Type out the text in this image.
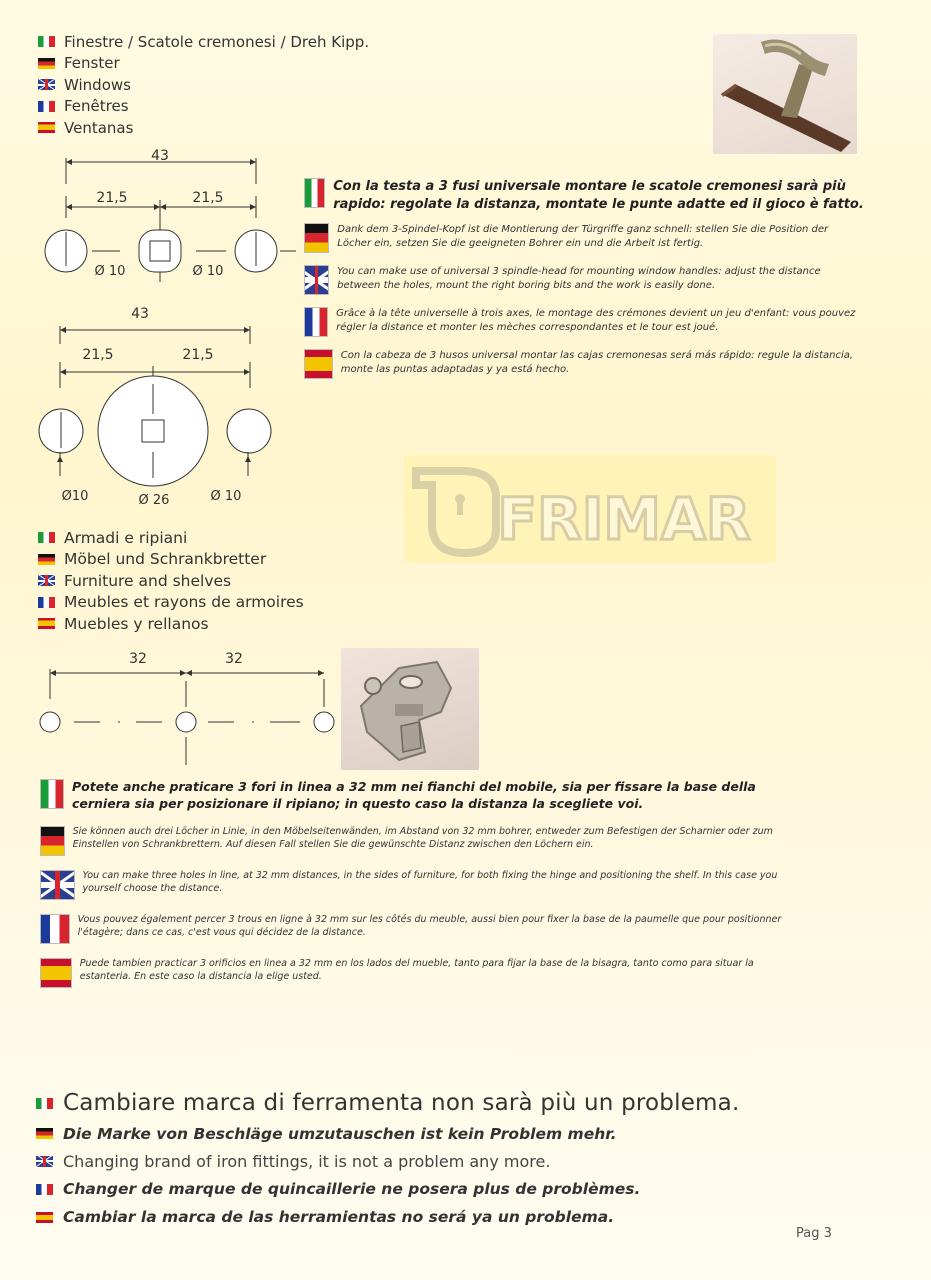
Finestre / Scatole cremonesi / Dreh Kipp.
Fenster
Windows
Fenêtres
Ventanas
43
21,5	21,5
Ø 10	Ø 10
43
21,5	21,5
Ø10	Ø 26	Ø 10
Con la testa a 3 fusi universale montare le scatole cremonesi sarà più rapido: regolate la distanza, montate le punte adatte ed il gioco è fatto.
Dank dem 3-Spindel-Kopf ist die Montierung der Türgriffe ganz schnell: stellen Sie die Position der Löcher ein, setzen Sie die geeigneten Bohrer ein und die Arbeit ist fertig.
You can make use of universal 3 spindle-head for mounting window handles: adjust the distance between the holes, mount the right boring bits and the work is easily done.
Grâce à la tête universelle à trois axes, le montage des crémones devient un jeu d'enfant: vous pouvez régler la distance et monter les mèches correspondantes et le tour est joué.
Con la cabeza de 3 husos universal montar las cajas cremonesas será más rápido: regule la distancia, monte las puntas adaptadas y ya está hecho.
FRIMAR
Armadi e ripiani
Möbel und Schrankbretter
Furniture and shelves
Meubles et rayons de armoires
Muebles y rellanos
32	32
Potete anche praticare 3 fori in linea a 32 mm nei fianchi del mobile, sia per fissare la base della cerniera sia per posizionare il ripiano; in questo caso la distanza la scegliete voi.
Sie können auch drei Löcher in Linie, in den Möbelseitenwänden, im Abstand von 32 mm bohrer, entweder zum Befestigen der Scharnier oder zum Einstellen von Schrankbrettern. Auf diesen Fall stellen Sie die gewünschte Distanz zwischen den Löchern ein.
You can make three holes in line, at 32 mm distances, in the sides of furniture, for both fixing the hinge and positioning the shelf. In this case you yourself choose the distance.
Vous pouvez également percer 3 trous en ligne à 32 mm sur les côtés du meuble, aussi bien pour fixer la base de la paumelle que pour positionner l'étagère; dans ce cas, c'est vous qui décidez de la distance.
Puede tambien practicar 3 orificios en linea a 32 mm en los lados del mueble, tanto para fijar la base de la bisagra, tanto como para situar la estanteria. En este caso la distancia la elige usted.
Cambiare marca di ferramenta non sarà più un problema.
Die Marke von Beschläge umzutauschen ist kein Problem mehr.
Changing brand of iron fittings, it is not a problem any more.
Changer de marque de quincaillerie ne posera plus de problèmes.
Cambiar la marca de las herramientas no será ya un problema.
Pag 3
